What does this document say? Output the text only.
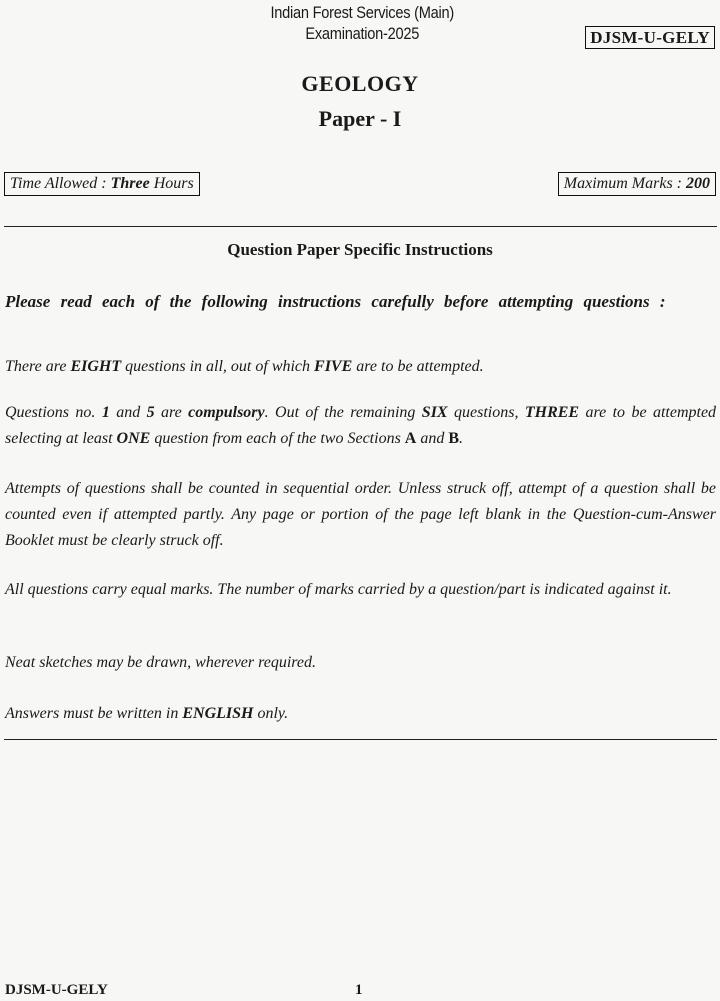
Indian Forest Services (Main)
Examination-2025	DJSM-U-GELY
GEOLOGY
Paper - I
Time Allowed : Three Hours	Maximum Marks : 200
Question Paper Specific Instructions

Please read each of the following instructions carefully before attempting questions :

There are EIGHT questions in all, out of which FIVE are to be attempted.

Questions no. 1 and 5 are compulsory. Out of the remaining SIX questions, THREE are to be attempted selecting at least ONE question from each of the two Sections A and B.

Attempts of questions shall be counted in sequential order. Unless struck off, attempt of a question shall be counted even if attempted partly. Any page or portion of the page left blank in the Question-cum-Answer Booklet must be clearly struck off.

All questions carry equal marks. The number of marks carried by a question/part is indicated against it.

Neat sketches may be drawn, wherever required.

Answers must be written in ENGLISH only.

DJSM-U-GELY	1
